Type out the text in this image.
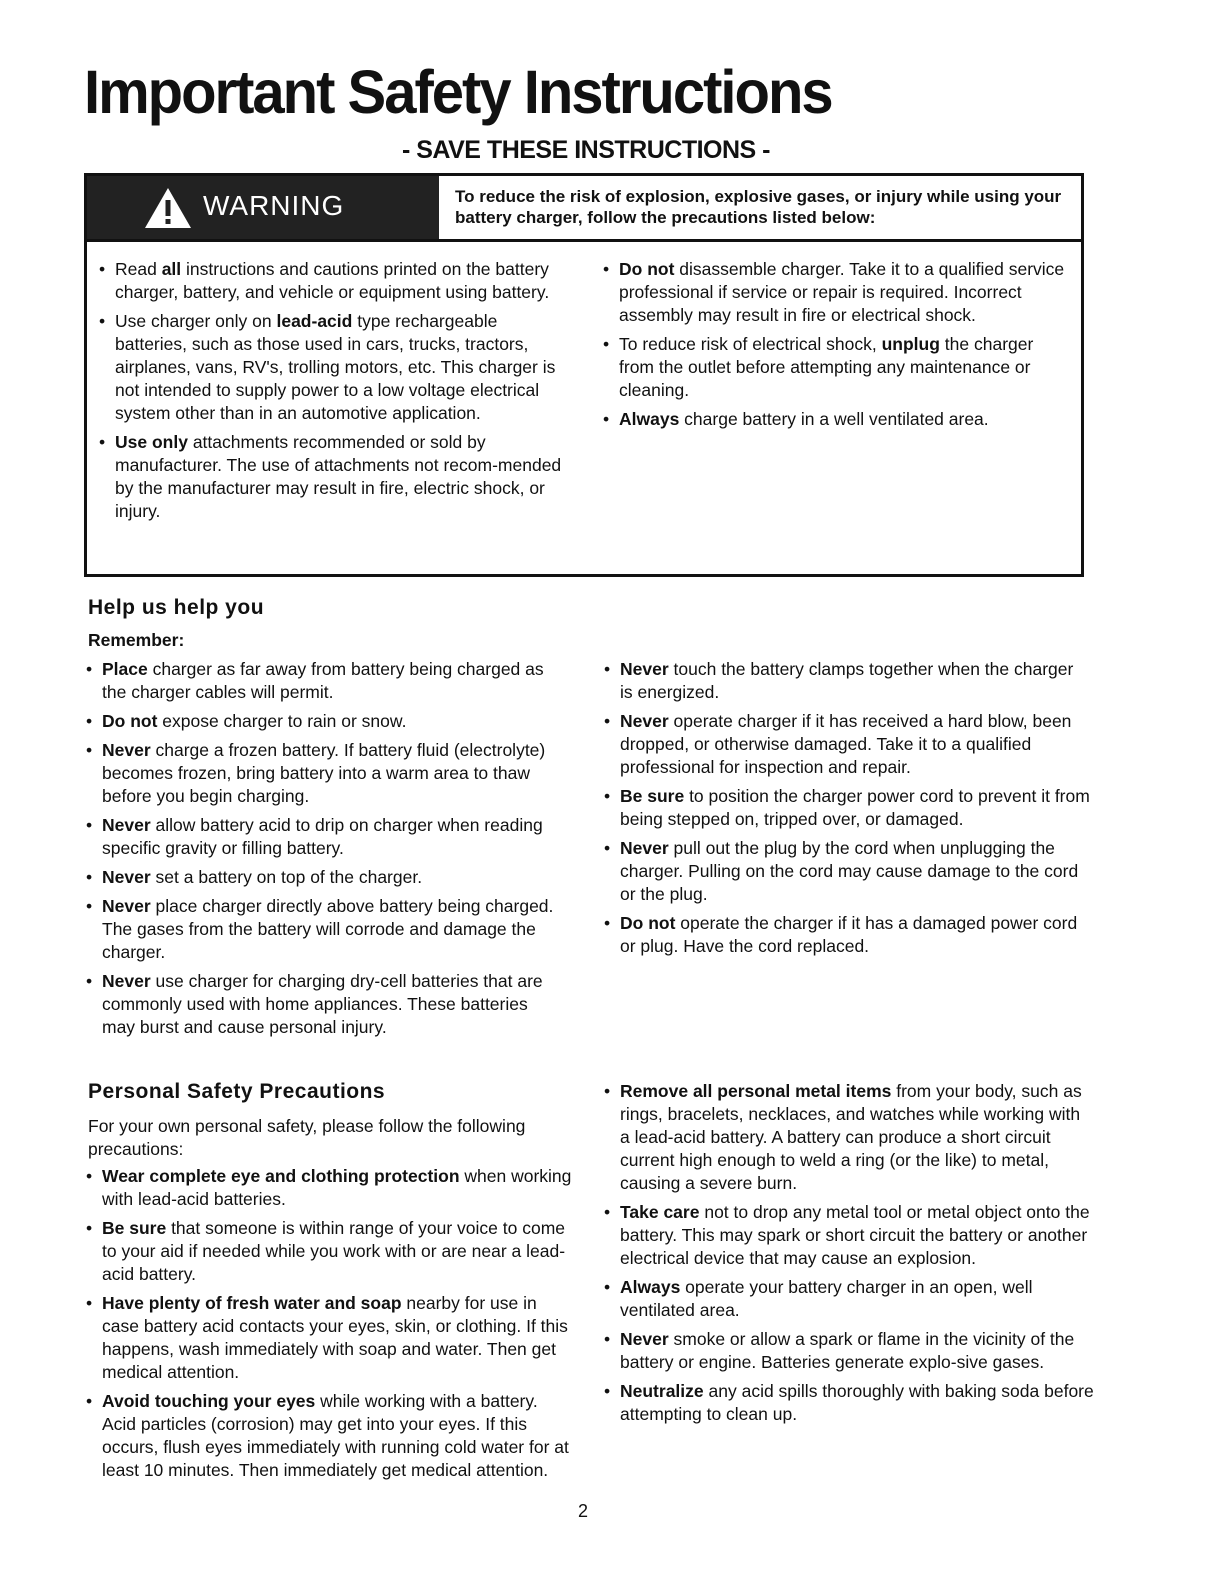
Important Safety Instructions
- SAVE THESE INSTRUCTIONS -
WARNING	To reduce the risk of explosion, explosive gases, or injury while using your battery charger, follow the precautions listed below:
• Read all instructions and cautions printed on the battery charger, battery, and vehicle or equipment using battery.
• Use charger only on lead-acid type rechargeable batteries, such as those used in cars, trucks, tractors, airplanes, vans, RV's, trolling motors, etc. This charger is not intended to supply power to a low voltage electrical system other than in an automotive application.
• Use only attachments recommended or sold by manufacturer. The use of attachments not recom-mended by the manufacturer may result in fire, electric shock, or injury.
• Do not disassemble charger. Take it to a qualified service professional if service or repair is required. Incorrect assembly may result in fire or electrical shock.
• To reduce risk of electrical shock, unplug the charger from the outlet before attempting any maintenance or cleaning.
• Always charge battery in a well ventilated area.
Help us help you

Remember:

• Place charger as far away from battery being charged as the charger cables will permit.
• Do not expose charger to rain or snow.
• Never charge a frozen battery. If battery fluid (electrolyte) becomes frozen, bring battery into a warm area to thaw before you begin charging.
• Never allow battery acid to drip on charger when reading specific gravity or filling battery.
• Never set a battery on top of the charger.
• Never place charger directly above battery being charged. The gases from the battery will corrode and damage the charger.
• Never use charger for charging dry-cell batteries that are commonly used with home appliances. These batteries may burst and cause personal injury.
• Never touch the battery clamps together when the charger is energized.
• Never operate charger if it has received a hard blow, been dropped, or otherwise damaged. Take it to a qualified professional for inspection and repair.
• Be sure to position the charger power cord to prevent it from being stepped on, tripped over, or damaged.
• Never pull out the plug by the cord when unplugging the charger. Pulling on the cord may cause damage to the cord or the plug.
• Do not operate the charger if it has a damaged power cord or plug. Have the cord replaced.
Personal Safety Precautions

For your own personal safety, please follow the following precautions:

• Wear complete eye and clothing protection when working with lead-acid batteries.
• Be sure that someone is within range of your voice to come to your aid if needed while you work with or are near a lead-acid battery.
• Have plenty of fresh water and soap nearby for use in case battery acid contacts your eyes, skin, or clothing. If this happens, wash immediately with soap and water. Then get medical attention.
• Avoid touching your eyes while working with a battery. Acid particles (corrosion) may get into your eyes. If this occurs, flush eyes immediately with running cold water for at least 10 minutes. Then immediately get medical attention.
• Remove all personal metal items from your body, such as rings, bracelets, necklaces, and watches while working with a lead-acid battery. A battery can produce a short circuit current high enough to weld a ring (or the like) to metal, causing a severe burn.
• Take care not to drop any metal tool or metal object onto the battery. This may spark or short circuit the battery or another electrical device that may cause an explosion.
• Always operate your battery charger in an open, well ventilated area.
• Never smoke or allow a spark or flame in the vicinity of the battery or engine. Batteries generate explo-sive gases.
• Neutralize any acid spills thoroughly with baking soda before attempting to clean up.
2
